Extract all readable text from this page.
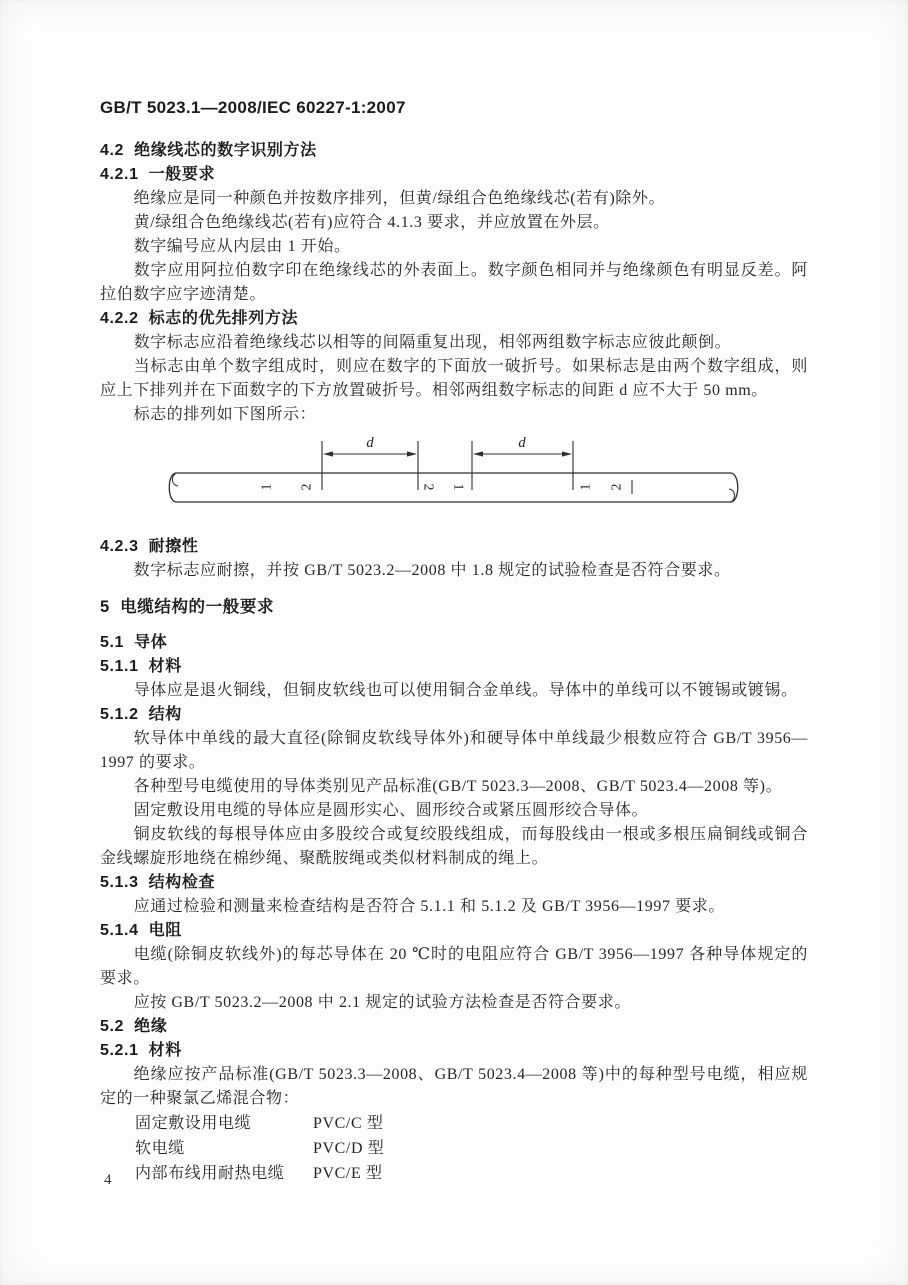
GB/T 5023.1—2008/IEC 60227-1:2007
4.2  绝缘线芯的数字识别方法
4.2.1  一般要求
绝缘应是同一种颜色并按数序排列，但黄/绿组合色绝缘线芯(若有)除外。
黄/绿组合色绝缘线芯(若有)应符合 4.1.3 要求，并应放置在外层。
数字编号应从内层由 1 开始。
数字应用阿拉伯数字印在绝缘线芯的外表面上。数字颜色相同并与绝缘颜色有明显反差。阿拉伯数字应字迹清楚。
4.2.2  标志的优先排列方法
数字标志应沿着绝缘线芯以相等的间隔重复出现，相邻两组数字标志应彼此颠倒。
当标志由单个数字组成时，则应在数字的下面放一破折号。如果标志是由两个数字组成，则应上下排列并在下面数字的下方放置破折号。相邻两组数字标志的间距 d 应不大于 50 mm。
标志的排列如下图所示：
d	d
1 2	2 1	1 2
4.2.3  耐擦性
数字标志应耐擦，并按 GB/T 5023.2—2008 中 1.8 规定的试验检查是否符合要求。
5  电缆结构的一般要求
5.1  导体
5.1.1  材料
导体应是退火铜线，但铜皮软线也可以使用铜合金单线。导体中的单线可以不镀锡或镀锡。
5.1.2  结构
软导体中单线的最大直径(除铜皮软线导体外)和硬导体中单线最少根数应符合 GB/T 3956—1997 的要求。
各种型号电缆使用的导体类别见产品标准(GB/T 5023.3—2008、GB/T 5023.4—2008 等)。
固定敷设用电缆的导体应是圆形实心、圆形绞合或紧压圆形绞合导体。
铜皮软线的每根导体应由多股绞合或复绞股线组成，而每股线由一根或多根压扁铜线或铜合金线螺旋形地绕在棉纱绳、聚酰胺绳或类似材料制成的绳上。
5.1.3  结构检查
应通过检验和测量来检查结构是否符合 5.1.1 和 5.1.2 及 GB/T 3956—1997 要求。
5.1.4  电阻
电缆(除铜皮软线外)的每芯导体在 20 ℃时的电阻应符合 GB/T 3956—1997 各种导体规定的要求。
应按 GB/T 5023.2—2008 中 2.1 规定的试验方法检查是否符合要求。
5.2  绝缘
5.2.1  材料
绝缘应按产品标准(GB/T 5023.3—2008、GB/T 5023.4—2008 等)中的每种型号电缆，相应规定的一种聚氯乙烯混合物：
固定敷设用电缆	PVC/C 型
软电缆	PVC/D 型
内部布线用耐热电缆	PVC/E 型
4
